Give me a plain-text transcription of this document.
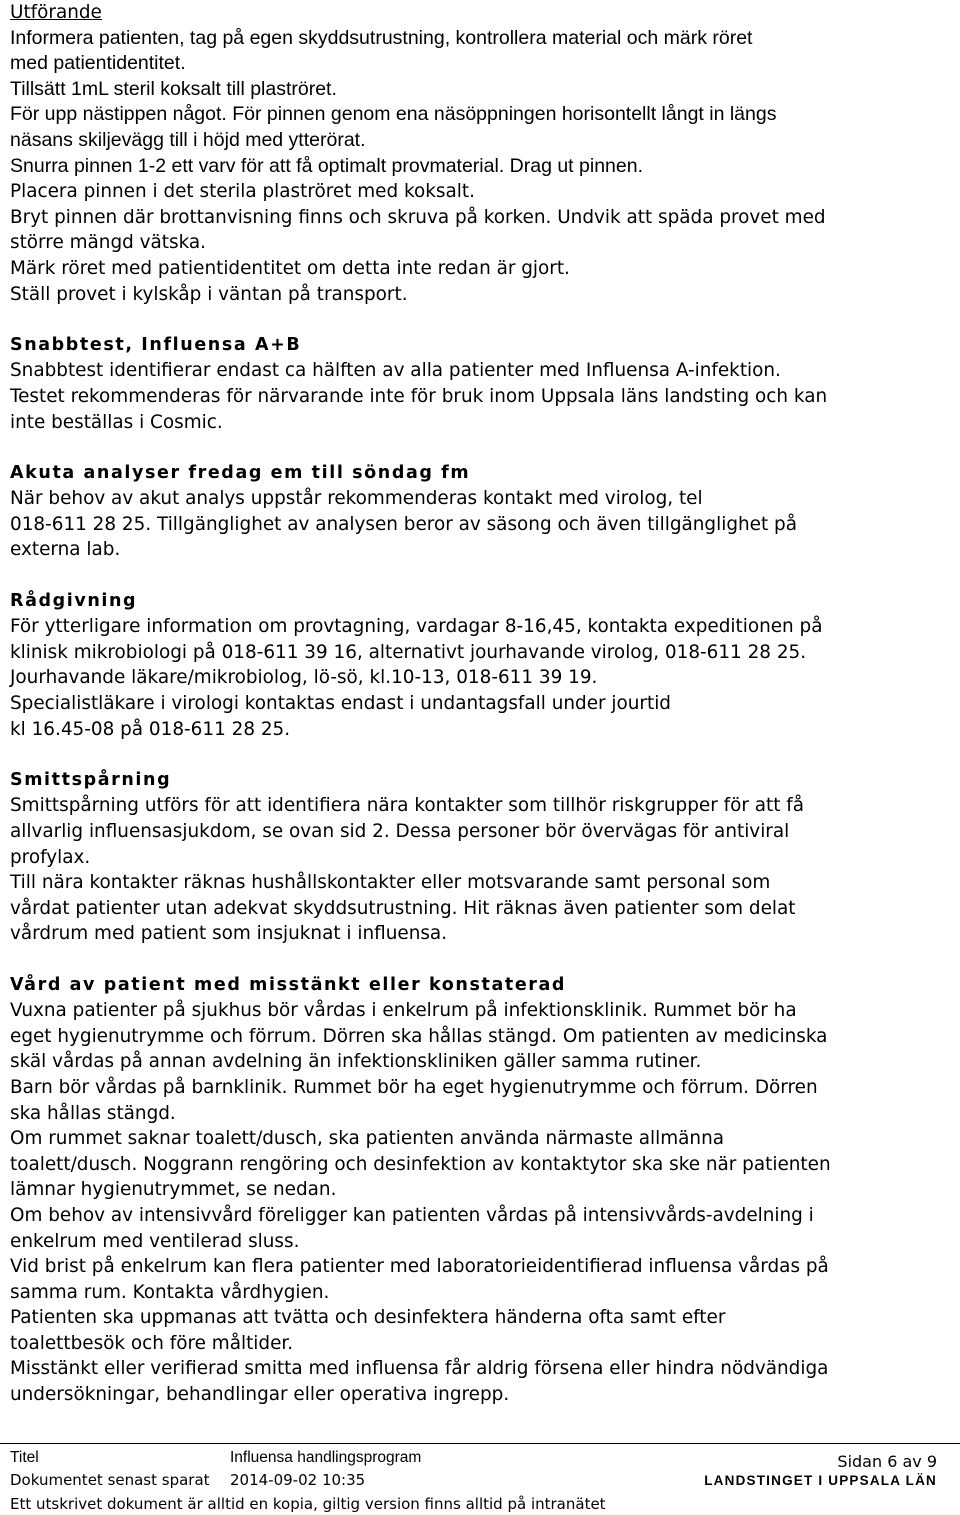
Utförande
Informera patienten, tag på egen skyddsutrustning, kontrollera material och märk röret
med patientidentitet.
Tillsätt 1mL steril koksalt till plaströret.
För upp nästippen något. För pinnen genom ena näsöppningen horisontellt långt in längs
näsans skiljevägg till i höjd med ytterörat.
Snurra pinnen 1-2 ett varv för att få optimalt provmaterial. Drag ut pinnen.
Placera pinnen i det sterila plaströret med koksalt.
Bryt pinnen där brottanvisning finns och skruva på korken. Undvik att späda provet med
större mängd vätska.
Märk röret med patientidentitet om detta inte redan är gjort.
Ställ provet i kylskåp i väntan på transport.
Snabbtest, Influensa A+B
Snabbtest identifierar endast ca hälften av alla patienter med Influensa A-infektion.
Testet rekommenderas för närvarande inte för bruk inom Uppsala läns landsting och kan
inte beställas i Cosmic.
Akuta analyser fredag em till söndag fm
När behov av akut analys uppstår rekommenderas kontakt med virolog, tel
018-611 28 25. Tillgänglighet av analysen beror av säsong och även tillgänglighet på
externa lab.
Rådgivning
För ytterligare information om provtagning, vardagar 8-16,45, kontakta expeditionen på
klinisk mikrobiologi på 018-611 39 16, alternativt jourhavande virolog, 018-611 28 25.
Jourhavande läkare/mikrobiolog, lö-sö, kl.10-13, 018-611 39 19.
Specialistläkare i virologi kontaktas endast i undantagsfall under jourtid
kl 16.45-08 på 018-611 28 25.
Smittspårning
Smittspårning utförs för att identifiera nära kontakter som tillhör riskgrupper för att få
allvarlig influensasjukdom, se ovan sid 2. Dessa personer bör övervägas för antiviral
profylax.
Till nära kontakter räknas hushållskontakter eller motsvarande samt personal som
vårdat patienter utan adekvat skyddsutrustning. Hit räknas även patienter som delat
vårdrum med patient som insjuknat i influensa.
Vård av patient med misstänkt eller konstaterad
Vuxna patienter på sjukhus bör vårdas i enkelrum på infektionsklinik. Rummet bör ha
eget hygienutrymme och förrum. Dörren ska hållas stängd. Om patienten av medicinska
skäl vårdas på annan avdelning än infektionskliniken gäller samma rutiner.
Barn bör vårdas på barnklinik. Rummet bör ha eget hygienutrymme och förrum. Dörren
ska hållas stängd.
Om rummet saknar toalett/dusch, ska patienten använda närmaste allmänna
toalett/dusch. Noggrann rengöring och desinfektion av kontaktytor ska ske när patienten
lämnar hygienutrymmet, se nedan.
Om behov av intensivvård föreligger kan patienten vårdas på intensivvårds-avdelning i
enkelrum med ventilerad sluss.
Vid brist på enkelrum kan flera patienter med laboratorieidentifierad influensa vårdas på
samma rum. Kontakta vårdhygien.
Patienten ska uppmanas att tvätta och desinfektera händerna ofta samt efter
toalettbesök och före måltider.
Misstänkt eller verifierad smitta med influensa får aldrig försena eller hindra nödvändiga
undersökningar, behandlingar eller operativa ingrepp.
Titel	Influensa handlingsprogram	Sidan 6 av 9
Dokumentet senast sparat 2014-09-02 10:35	LANDSTINGET I UPPSALA LÄN
Ett utskrivet dokument är alltid en kopia, giltig version finns alltid på intranätet
